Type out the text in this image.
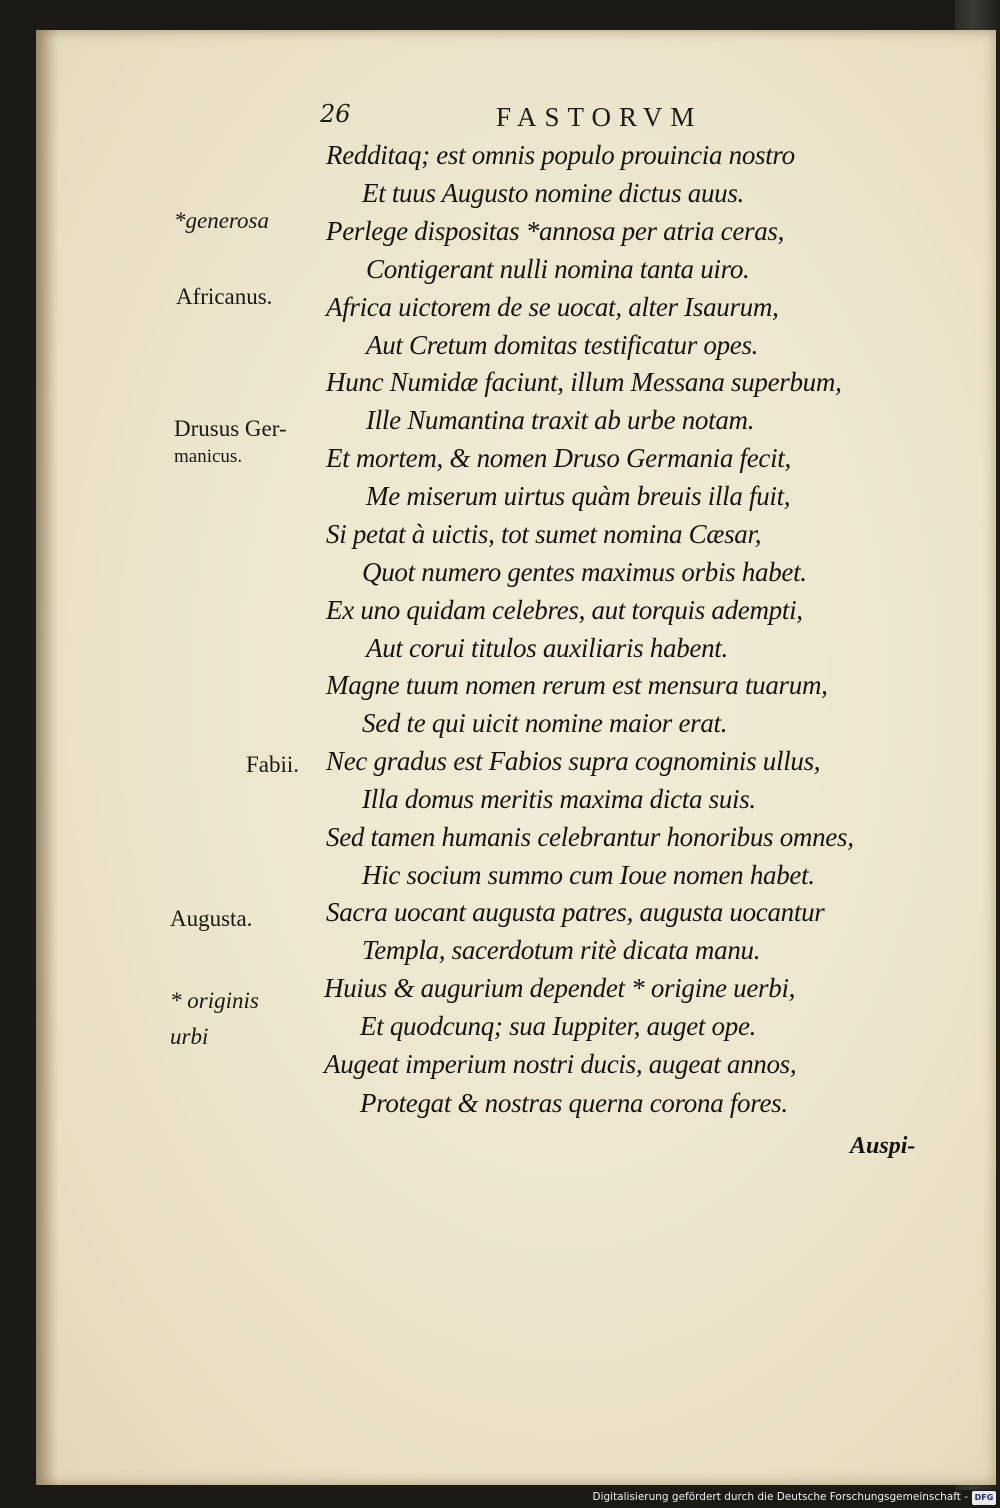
26	FASTORVM
Redditaq; est omnis populo prouincia nostro
Et tuus Augusto nomine dictus auus.
Perlege dispositas *annosa per atria ceras,
Contigerant nulli nomina tanta uiro.
Africa uictorem de se uocat, alter Isaurum,
Aut Cretum domitas testificatur opes.
Hunc Numidæ faciunt, illum Messana superbum,
Ille Numantina traxit ab urbe notam.
Et mortem, & nomen Druso Germania fecit,
Me miserum uirtus quàm breuis illa fuit,
Si petat à uictis, tot sumet nomina Cæsar,
Quot numero gentes maximus orbis habet.
Ex uno quidam celebres, aut torquis adempti,
Aut corui titulos auxiliaris habent.
Magne tuum nomen rerum est mensura tuarum,
Sed te qui uicit nomine maior erat.
Nec gradus est Fabios supra cognominis ullus,
Illa domus meritis maxima dicta suis.
Sed tamen humanis celebrantur honoribus omnes,
Hic socium summo cum Ioue nomen habet.
Sacra uocant augusta patres, augusta uocantur
Templa, sacerdotum ritè dicata manu.
Huius & augurium dependet * origine uerbi,
Et quodcunq; sua Iuppiter, auget ope.
Augeat imperium nostri ducis, augeat annos,
Protegat & nostras querna corona fores.
*generosa
Africanus.
Drusus Ger-
manicus.
Fabii.
Augusta.
* originis
urbi
Auspi-
Digitalisierung gefördert durch die Deutsche Forschungsgemeinschaft - DFG
